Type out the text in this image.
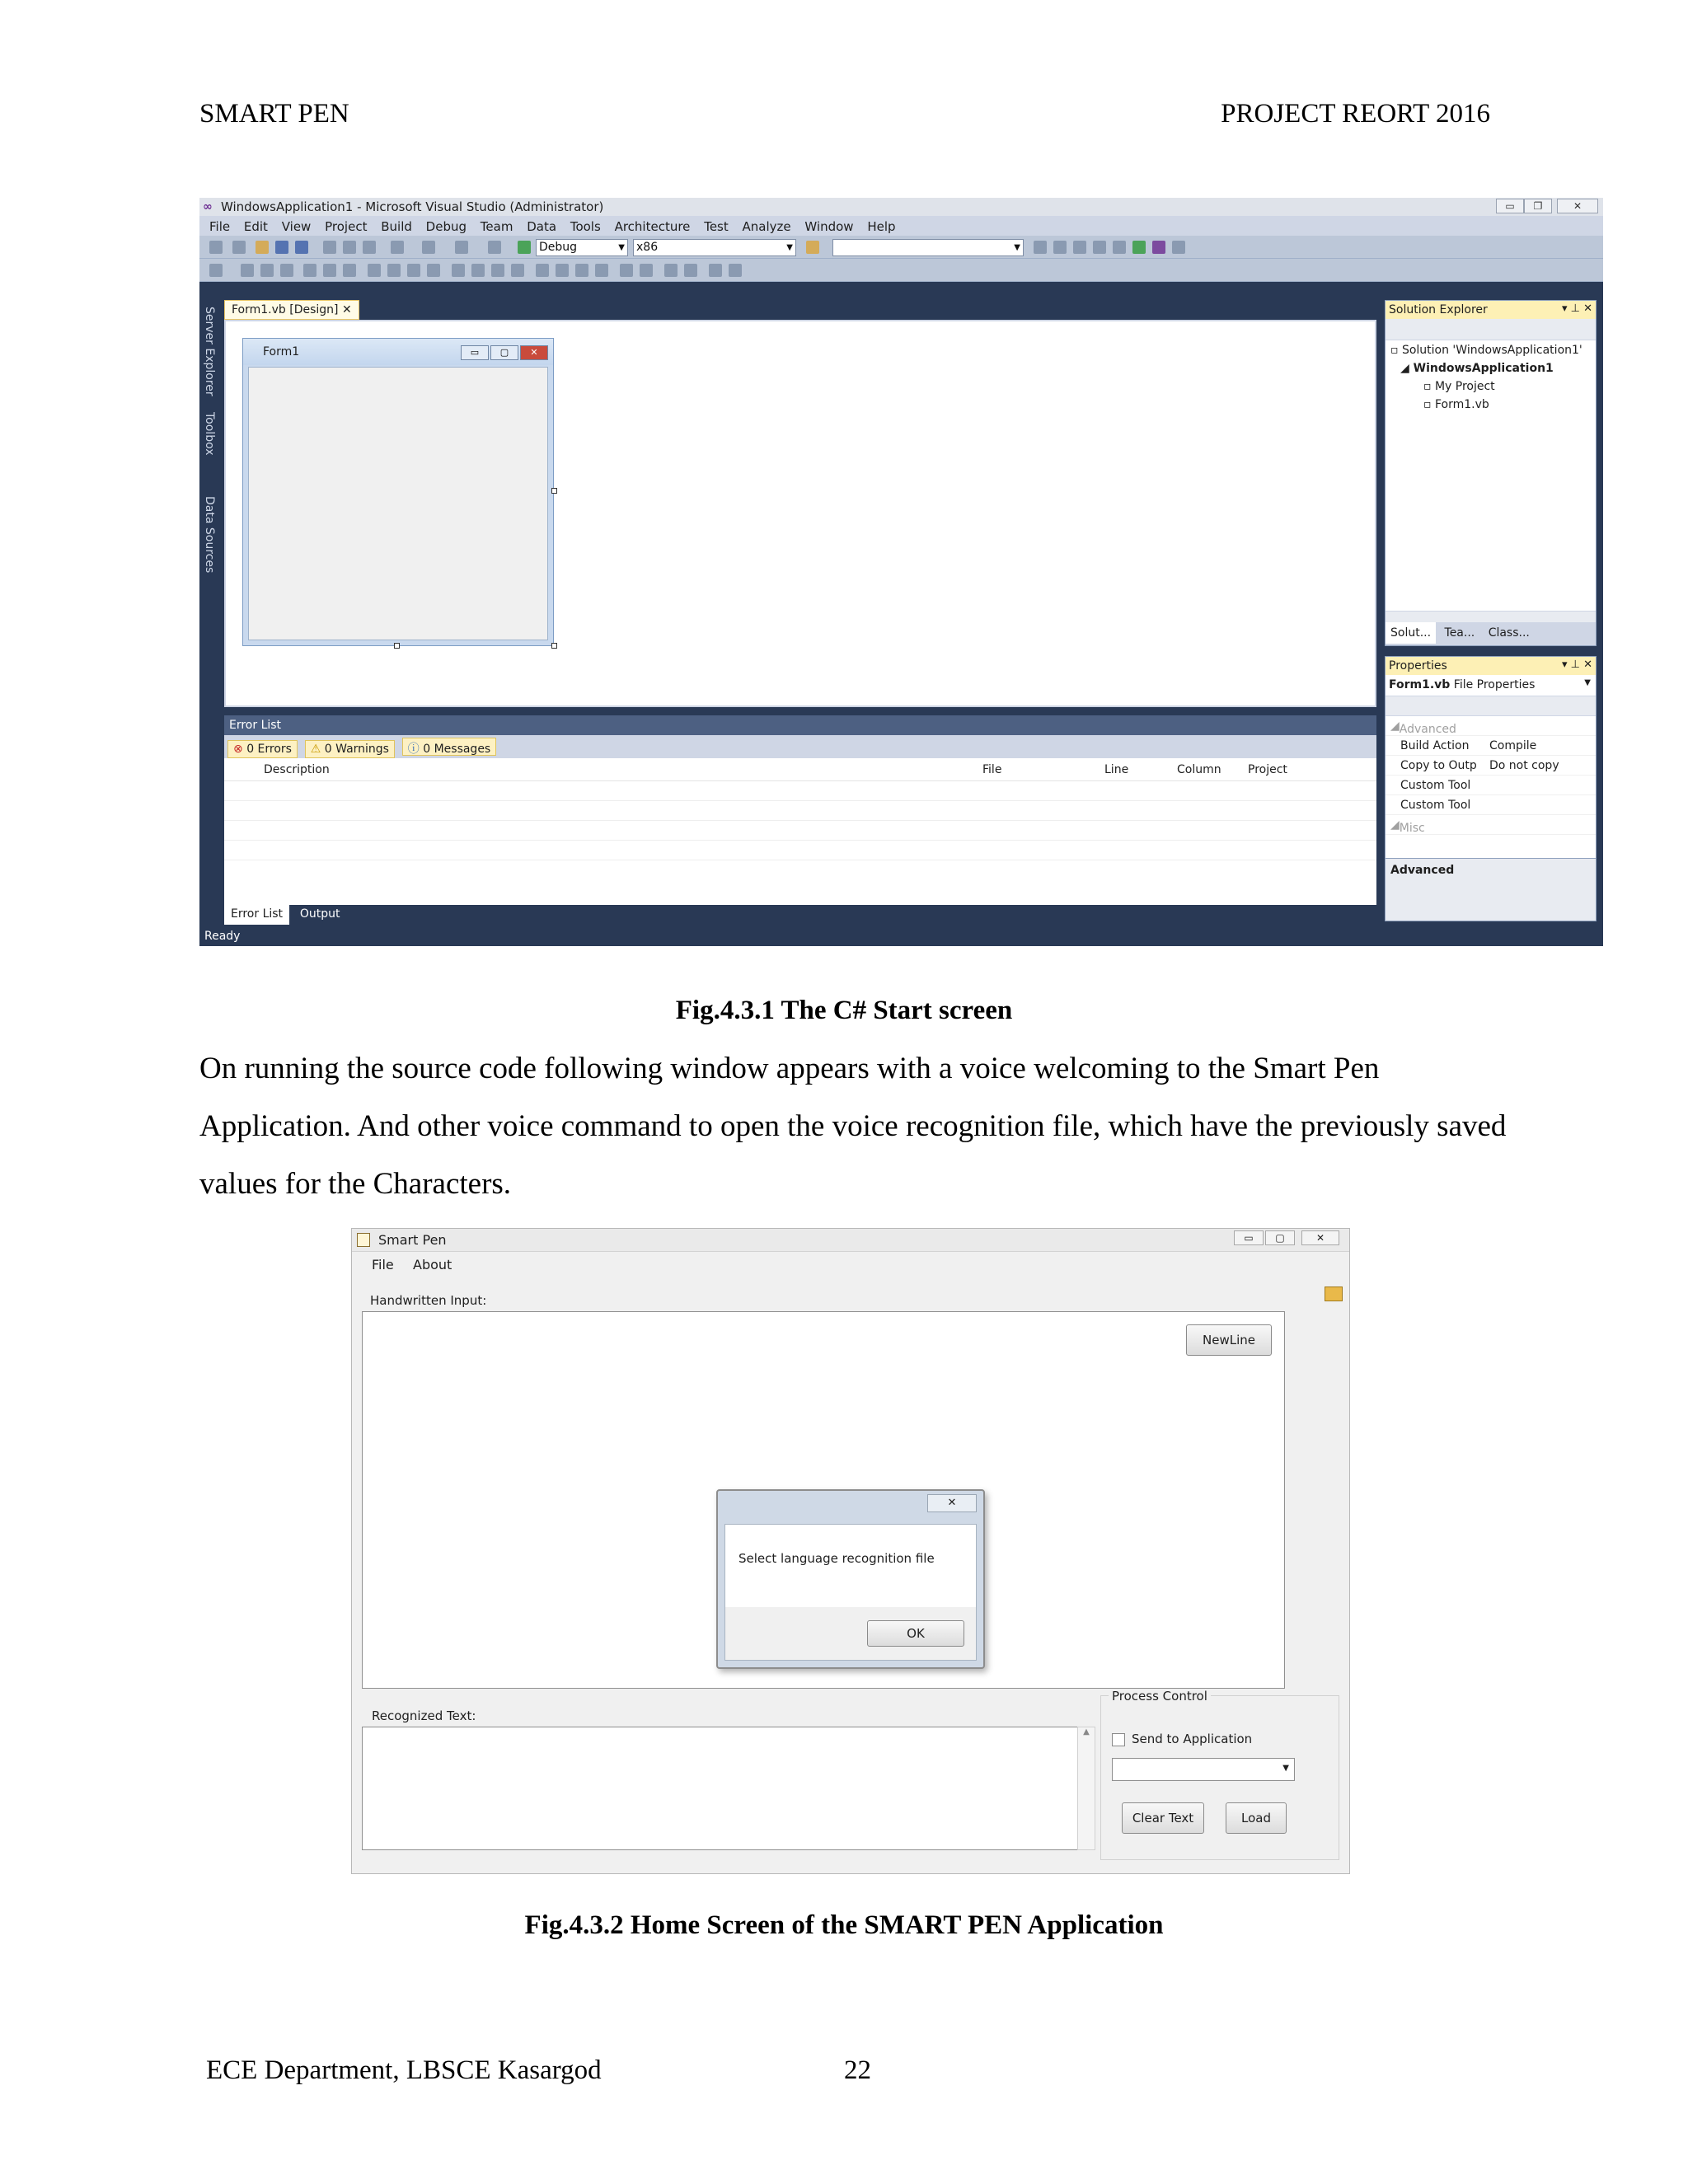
SMART PEN	PROJECT REORT 2016
∞ WindowsApplication1 - Microsoft Visual Studio (Administrator)	▭	❐	✕
File Edit View Project Build Debug Team Data Tools Architecture Test Analyze Window Help
Debug	▼ x86	▼	▼
Server Explorer
Toolbox
Data Sources
Form1.vb [Design] ✕
Form1	▭	▢	✕
Error List
⊗ 0 Errors ⚠ 0 Warnings ⓘ 0 Messages
Description	File	Line	Column Project
Error List Output
Ready
Solution Explorer	▾ ⊥ ✕
▫ Solution 'WindowsApplication1'
◢ WindowsApplication1
▫ My Project
▫ Form1.vb
Solut... Tea... Class...
Properties	▾ ⊥ ✕
Form1.vb File Properties	▼
◢ Advanced
Build Action Compile
Copy to Outp Do not copy
Custom Tool
Custom Tool
◢ Misc
Advanced
Fig.4.3.1 The C# Start screen
On running the source code following window appears with a voice welcoming to the Smart Pen Application. And other voice command to open the voice recognition file, which have the previously saved values for the Characters.
Smart Pen	▭	▢	✕
File About
Handwritten Input:
NewLine
✕
Select language recognition file
OK
Recognized Text:
▲
Process Control
Send to Application
▼
Clear Text	Load
Fig.4.3.2 Home Screen of the SMART PEN Application
ECE Department, LBSCE Kasargod	22
